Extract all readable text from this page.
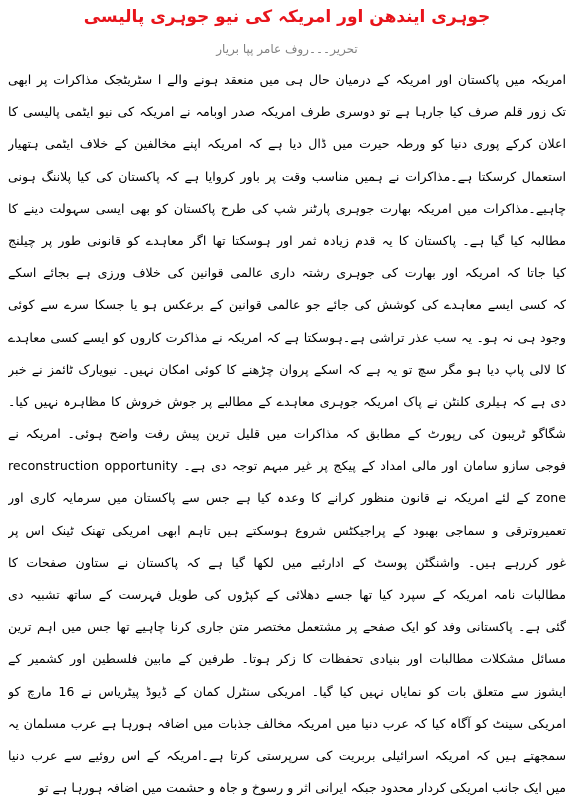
جوہری ایندھن اور امریکہ کی نیو جوہری پالیسی
تحریر۔۔۔روف عامر پپا بریار
امریکہ میں پاکستان اور امریکہ کے درمیان حال ہی میں منعقد ہونے والے ا سٹریٹجک مذاکرات پر ابھی
تک زور قلم صرف کیا جارہا ہے تو دوسری طرف امریکہ صدر اوبامہ نے امریکہ کی نیو ایٹمی پالیسی کا
اعلان کرکے پوری دنیا کو ورطہ حیرت میں ڈال دیا ہے کہ امریکہ اپنے مخالفین کے خلاف ایٹمی ہتھیار
استعمال کرسکتا ہے۔مذاکرات نے ہمیں مناسب وقت پر باور کروایا ہے کہ پاکستان کی کیا پلاننگ ہونی
چاہیے۔مذاکرات میں امریکہ بھارت جوہری پارٹنر شپ کی طرح پاکستان کو بھی ایسی سہولت دینے کا
مطالبہ کیا گیا ہے۔ پاکستان کا یہ قدم زیادہ ثمر اور ہوسکتا تھا اگر معاہدے کو قانونی طور پر چیلنج
کیا جاتا کہ امریکہ اور بھارت کی جوہری رشتہ داری عالمی قوانین کی خلاف ورزی ہے بجائے اسکے
کہ کسی ایسے معاہدے کی کوشش کی جائے جو عالمی قوانین کے برعکس ہو یا جسکا سرے سے کوئی
وجود ہی نہ ہو۔ یہ سب عذر تراشی ہے۔ہوسکتا ہے کہ امریکہ نے مذاکرت کاروں کو ایسے کسی معاہدے
کا لالی پاپ دیا ہو مگر سچ تو یہ ہے کہ اسکے پروان چڑھنے کا کوئی امکان نہیں۔ نیویارک ٹائمز نے خبر
دی ہے کہ ہیلری کلنٹن نے پاک امریکہ جوہری معاہدے کے مطالبے پر جوش خروش کا مظاہرہ نہیں کیا۔
شگاگو ٹریبون کی رپورٹ کے مطابق کہ مذاکرات میں قلیل ترین پیش رفت واضح ہوئی۔ امریکہ نے
فوجی سازو سامان اور مالی امداد کے پیکج پر غیر مبہم توجہ دی ہے۔ reconstruction opportunity
zone کے لئے امریکہ نے قانون منظور کرانے کا وعدہ کیا ہے جس سے پاکستان میں سرمایہ کاری اور
تعمیروترقی و سماجی بھبود کے پراجیکٹس شروع ہوسکتے ہیں تاہم ابھی امریکی تھنک ٹینک اس پر
غور کررہے ہیں۔ واشنگٹن پوسٹ کے ادارئیے میں لکھا گیا ہے کہ پاکستان نے ستاون صفحات کا
مطالبات نامہ امریکہ کے سپرد کیا تھا جسے دھلائی کے کپڑوں کی طویل فہرست کے ساتھ تشبیہ دی
گئی ہے۔ پاکستانی وفد کو ایک صفحے پر مشتعمل مختصر متن جاری کرنا چاہیے تھا جس میں اہم ترین
مسائل مشکلات مطالبات اور بنیادی تحفظات کا زکر ہوتا۔ طرفین کے مابین فلسطین اور کشمیر کے
ایشوز سے متعلق بات کو نمایاں نہیں کیا گیا۔ امریکی سنٹرل کمان کے ڈیوڈ پیٹریاس نے 16 مارچ کو
امریکی سینٹ کو آگاہ کیا کہ عرب دنیا میں امریکہ مخالف جذبات میں اضافہ ہورہا ہے عرب مسلمان یہ
سمجھتے ہیں کہ امریکہ اسرائیلی بربریت کی سرپرستی کرتا ہے۔امریکہ کے اس روئیے سے عرب دنیا
میں ایک جانب امریکی کردار محدود جبکہ ایرانی اثر و رسوخ و جاہ و حشمت میں اضافہ ہورہا ہے تو
